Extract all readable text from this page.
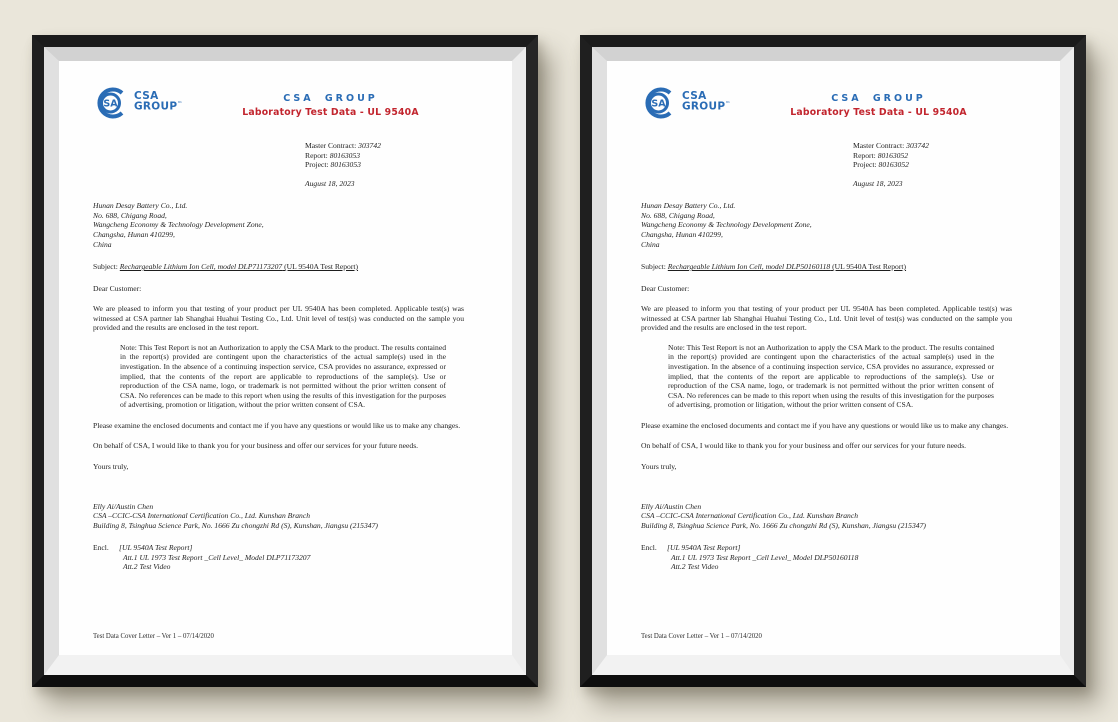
SA
CSA
GROUP™	CSA GROUP
Laboratory Test Data - UL 9540A
Master Contract: 303742
Report: 80163053
Project: 80163053
August 18, 2023
Hunan Desay Battery Co., Ltd.
No. 688, Chigang Road,
Wangcheng Economy & Technology Development Zone,
Changsha, Hunan 410299,
China
Subject: Rechargeable Lithium Ion Cell, model DLP71173207 (UL 9540A Test Report)
Dear Customer:
We are pleased to inform you that testing of your product per UL 9540A has been completed. Applicable test(s) was witnessed at CSA partner lab Shanghai Huahui Testing Co., Ltd. Unit level of test(s) was conducted on the sample you provided and the results are enclosed in the test report.
Note: This Test Report is not an Authorization to apply the CSA Mark to the product. The results contained in the report(s) provided are contingent upon the characteristics of the actual sample(s) used in the investigation. In the absence of a continuing inspection service, CSA provides no assurance, expressed or implied, that the contents of the report are applicable to reproductions of the sample(s). Use or reproduction of the CSA name, logo, or trademark is not permitted without the prior written consent of CSA. No references can be made to this report when using the results of this investigation for the purposes of advertising, promotion or litigation, without the prior written consent of CSA.
Please examine the enclosed documents and contact me if you have any questions or would like us to make any changes.
On behalf of CSA, I would like to thank you for your business and offer our services for your future needs.
Yours truly,
Elly Ai/Austin Chen
CSA –CCIC-CSA International Certification Co., Ltd. Kunshan Branch
Building 8, Tsinghua Science Park, No. 1666 Zu chongzhi Rd (S), Kunshan, Jiangsu (215347)
Encl.	[UL 9540A Test Report]
Att.1 UL 1973 Test Report _Cell Level_ Model DLP71173207
Att.2 Test Video
Test Data Cover Letter – Ver 1 – 07/14/2020
SA
CSA
GROUP™	CSA GROUP
Laboratory Test Data - UL 9540A
Master Contract: 303742
Report: 80163052
Project: 80163052
August 18, 2023
Hunan Desay Battery Co., Ltd.
No. 688, Chigang Road,
Wangcheng Economy & Technology Development Zone,
Changsha, Hunan 410299,
China
Subject: Rechargeable Lithium Ion Cell, model DLP50160118 (UL 9540A Test Report)
Dear Customer:
We are pleased to inform you that testing of your product per UL 9540A has been completed. Applicable test(s) was witnessed at CSA partner lab Shanghai Huahui Testing Co., Ltd. Unit level of test(s) was conducted on the sample you provided and the results are enclosed in the test report.
Note: This Test Report is not an Authorization to apply the CSA Mark to the product. The results contained in the report(s) provided are contingent upon the characteristics of the actual sample(s) used in the investigation. In the absence of a continuing inspection service, CSA provides no assurance, expressed or implied, that the contents of the report are applicable to reproductions of the sample(s). Use or reproduction of the CSA name, logo, or trademark is not permitted without the prior written consent of CSA. No references can be made to this report when using the results of this investigation for the purposes of advertising, promotion or litigation, without the prior written consent of CSA.
Please examine the enclosed documents and contact me if you have any questions or would like us to make any changes.
On behalf of CSA, I would like to thank you for your business and offer our services for your future needs.
Yours truly,
Elly Ai/Austin Chen
CSA –CCIC-CSA International Certification Co., Ltd. Kunshan Branch
Building 8, Tsinghua Science Park, No. 1666 Zu chongzhi Rd (S), Kunshan, Jiangsu (215347)
Encl.	[UL 9540A Test Report]
Att.1 UL 1973 Test Report _Cell Level_ Model DLP50160118
Att.2 Test Video
Test Data Cover Letter – Ver 1 – 07/14/2020
